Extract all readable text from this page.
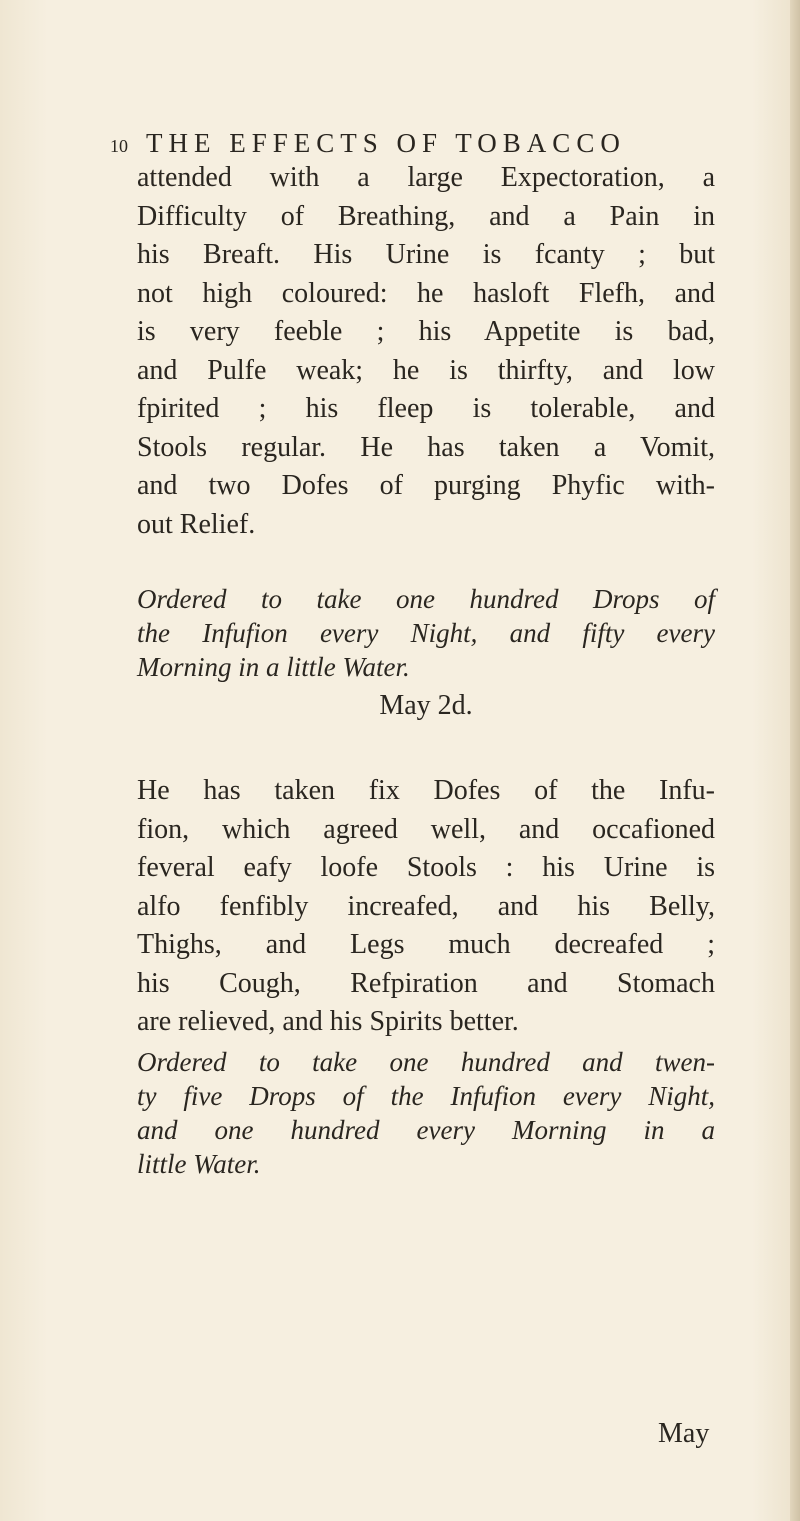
10 THE EFFECTS OF TOBACCO

attended with a large Expectoration, a
Difficulty of Breathing, and a Pain in
his Breaft. His Urine is fcanty ; but
not high coloured: he hasloft Flefh, and
is very feeble ; his Appetite is bad,
and Pulfe weak; he is thirfty, and low
fpirited ; his fleep is tolerable, and
Stools regular. He has taken a Vomit,
and two Dofes of purging Phyfic with-
out Relief.

Ordered to take one hundred Drops of
the Infufion every Night, and fifty every
Morning in a little Water.

May 2d.

He has taken fix Dofes of the Infu-
fion, which agreed well, and occafioned
feveral eafy loofe Stools : his Urine is
alfo fenfibly increafed, and his Belly,
Thighs, and Legs much decreafed ;
his Cough, Refpiration and Stomach
are relieved, and his Spirits better.

Ordered to take one hundred and twen-
ty five Drops of the Infufion every Night,
and one hundred every Morning in a
little Water.

May
